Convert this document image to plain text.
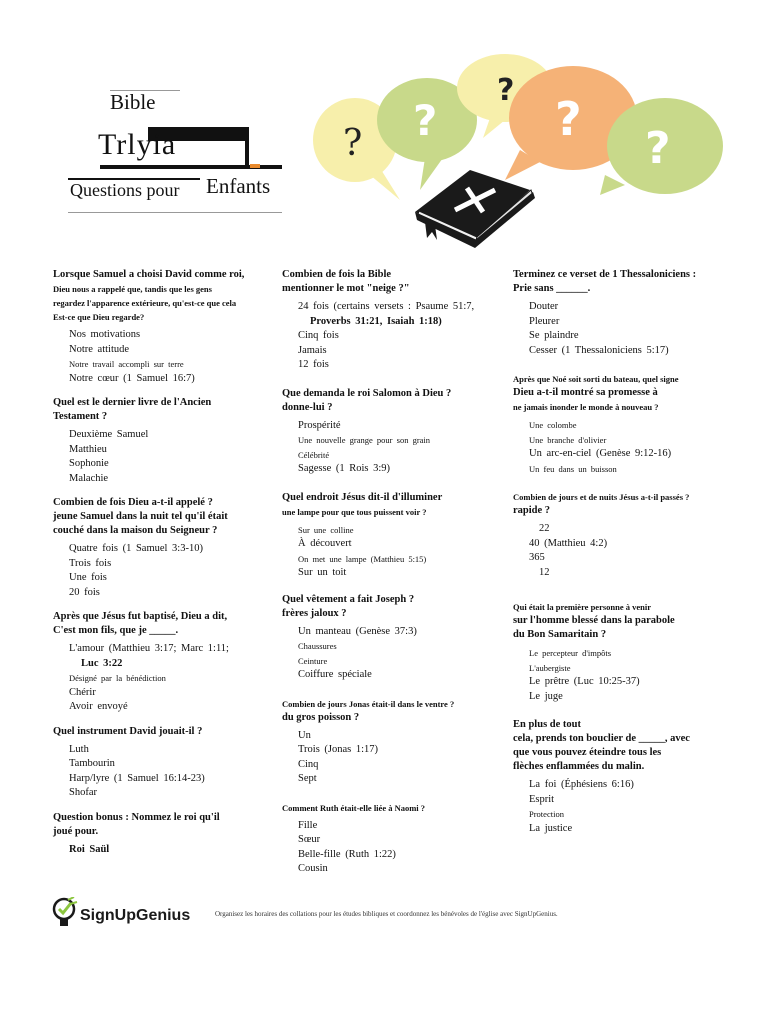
Bible
Trlyia
Questions pour	Enfants
? ?
?
?
?
Lorsque Samuel a choisi David comme roi,
Dieu nous a rappelé que, tandis que les gens
regardez l'apparence extérieure, qu'est-ce que cela
Est-ce que Dieu regarde?
Nos motivations
Notre attitude
Notre travail accompli sur terre
Notre cœur (1 Samuel 16:7)
Quel est le dernier livre de l'Ancien
Testament ?
Deuxième Samuel
Matthieu
Sophonie
Malachie
Combien de fois Dieu a-t-il appelé ?
jeune Samuel dans la nuit tel qu'il était
couché dans la maison du Seigneur ?
Quatre fois (1 Samuel 3:3-10)
Trois fois
Une fois
20 fois
Après que Jésus fut baptisé, Dieu a dit,
C'est mon fils, que je _____.
L'amour (Matthieu 3:17; Marc 1:11;
Luc 3:22
Désigné par la bénédiction
Chérir
Avoir envoyé
Quel instrument David jouait-il ?
Luth
Tambourin
Harp/lyre (1 Samuel 16:14-23)
Shofar
Question bonus : Nommez le roi qu'il
joué pour.
Roi Saül
Combien de fois la Bible
mentionner le mot "neige ?"
24 fois (certains versets : Psaume 51:7,
Proverbs 31:21, Isaiah 1:18)
Cinq fois
Jamais
12 fois
Que demanda le roi Salomon à Dieu ?
donne-lui ?
Prospérité
Une nouvelle grange pour son grain
Célébrité
Sagesse (1 Rois 3:9)
Quel endroit Jésus dit-il d'illuminer
une lampe pour que tous puissent voir ?
Sur une colline
À découvert
On met une lampe (Matthieu 5:15)
Sur un toit
Quel vêtement a fait Joseph ?
frères jaloux ?
Un manteau (Genèse 37:3)
Chaussures
Ceinture
Coiffure spéciale
Combien de jours Jonas était-il dans le ventre ?
du gros poisson ?
Un
Trois (Jonas 1:17)
Cinq
Sept
Comment Ruth était-elle liée à Naomi ?
Fille
Sœur
Belle-fille (Ruth 1:22)
Cousin
Terminez ce verset de 1 Thessaloniciens :
Prie sans ______.
Douter
Pleurer
Se plaindre
Cesser (1 Thessaloniciens 5:17)
Après que Noé soit sorti du bateau, quel signe
Dieu a-t-il montré sa promesse à
ne jamais inonder le monde à nouveau ?
Une colombe
Une branche d'olivier
Un arc-en-ciel (Genèse 9:12-16)
Un feu dans un buisson
Combien de jours et de nuits Jésus a-t-il passés ?
rapide ?
22
40 (Matthieu 4:2)
365
12
Qui était la première personne à venir
sur l'homme blessé dans la parabole
du Bon Samaritain ?
Le percepteur d'impôts
L'aubergiste
Le prêtre (Luc 10:25-37)
Le juge
En plus de tout
cela, prends ton bouclier de _____, avec
que vous pouvez éteindre tous les
flèches enflammées du malin.
La foi (Éphésiens 6:16)
Esprit
Protection
La justice
SignUpGenius	Organisez les horaires des collations pour les études bibliques et coordonnez les bénévoles de l'église avec SignUpGenius.
